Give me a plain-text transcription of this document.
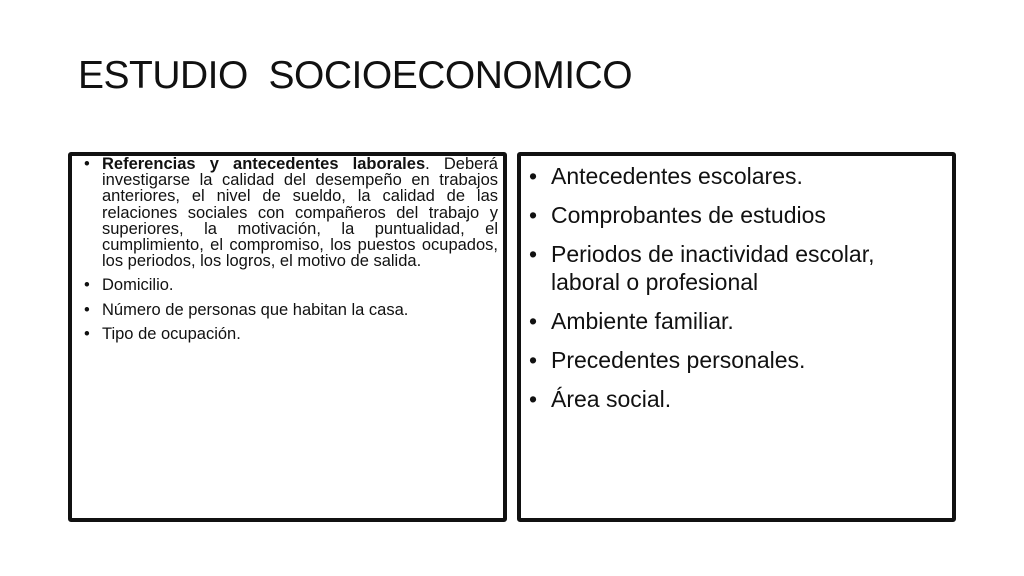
ESTUDIO  SOCIOECONOMICO
• Referencias y antecedentes laborales. Deberá investigarse la calidad del desempeño en trabajos anteriores, el nivel de sueldo, la calidad de las relaciones sociales con compañeros del trabajo y superiores, la motivación, la puntualidad, el cumplimiento, el compromiso, los puestos ocupados, los periodos, los logros, el motivo de salida.
• Domicilio.
• Número de personas que habitan la casa.
• Tipo de ocupación.
• Antecedentes escolares.
• Comprobantes de estudios
• Periodos de inactividad escolar, laboral o profesional
• Ambiente familiar.
• Precedentes personales.
• Área social.
